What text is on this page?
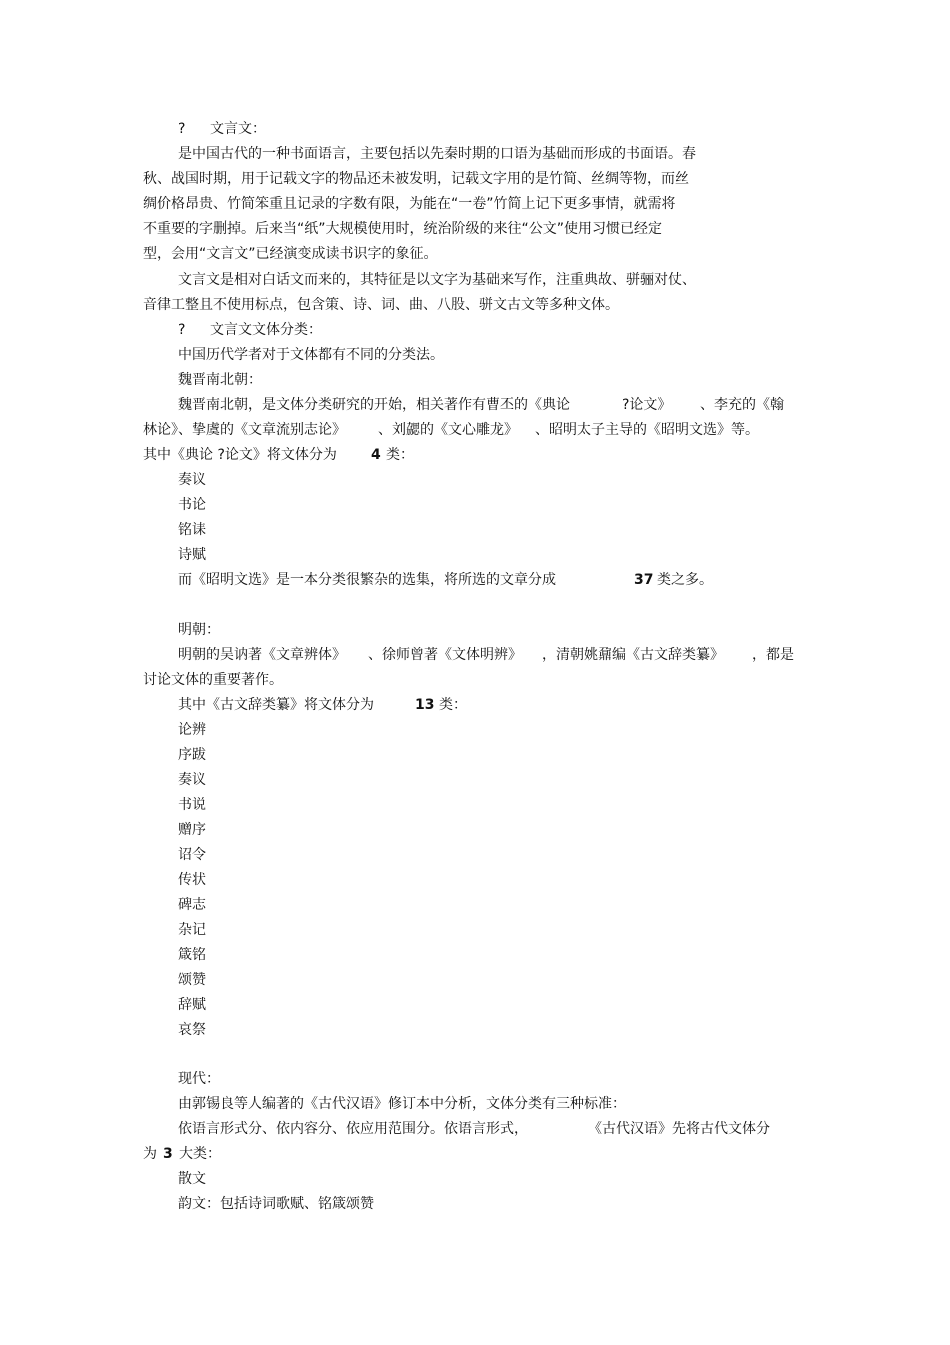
? 文言文：
是中国古代的一种书面语言，主要包括以先秦时期的口语为基础而形成的书面语。春
秋、战国时期，用于记载文字的物品还未被发明，记载文字用的是竹简、丝绸等物，而丝
绸价格昂贵、竹简笨重且记录的字数有限，为能在“一卷”竹简上记下更多事情，就需将
不重要的字删掉。后来当“纸”大规模使用时，统治阶级的来往“公文”使用习惯已经定
型，会用“文言文”已经演变成读书识字的象征。
文言文是相对白话文而来的，其特征是以文字为基础来写作，注重典故、骈骊对仗、
音律工整且不使用标点，包含策、诗、词、曲、八股、骈文古文等多种文体。
? 文言文文体分类：
中国历代学者对于文体都有不同的分类法。
魏晋南北朝：
魏晋南北朝，是文体分类研究的开始，相关著作有曹丕的《典论	?论文》 、李充的《翰
林论》、挚虞的《文章流别志论》 、刘勰的《文心雕龙》 、昭明太子主导的《昭明文选》等。
其中《典论 ?论文》将文体分为 4 类：
奏议
书论
铭诔
诗赋
而《昭明文选》是一本分类很繁杂的选集，将所选的文章分成	37 类之多。
明朝：
明朝的吴讷著《文章辨体》 、徐师曾著《文体明辨》 ，清朝姚鼐编《古文辞类纂》 ，都是
讨论文体的重要著作。
其中《古文辞类纂》将文体分为	13 类：
论辨
序跋
奏议
书说
赠序
诏令
传状
碑志
杂记
箴铭
颂赞
辞赋
哀祭
现代：
由郭锡良等人编著的《古代汉语》修订本中分析，文体分类有三种标准：
依语言形式分、依内容分、依应用范围分。依语言形式，	《古代汉语》先将古代文体分
为 3 大类：
散文
韵文：包括诗词歌赋、铭箴颂赞
